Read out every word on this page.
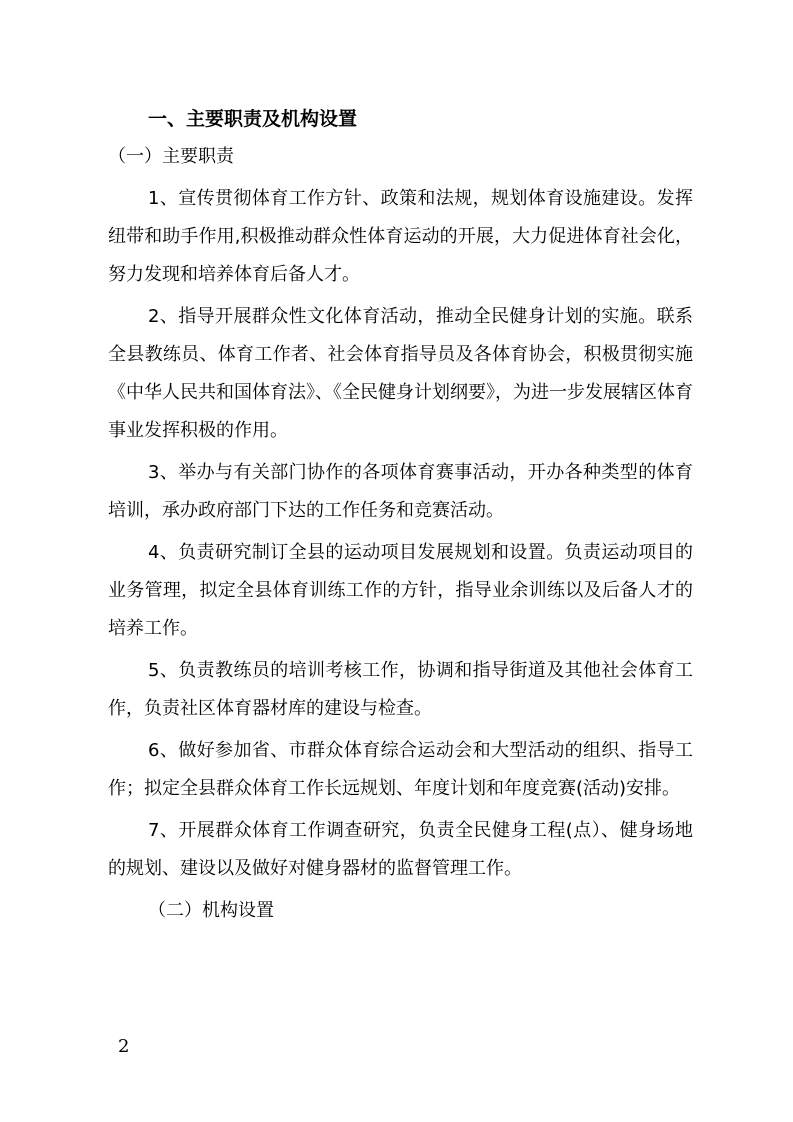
一、主要职责及机构设置

（一）主要职责

1、宣传贯彻体育工作方针、政策和法规，规划体育设施建设。发挥纽带和助手作用,积极推动群众性体育运动的开展，大力促进体育社会化，努力发现和培养体育后备人才。

2、指导开展群众性文化体育活动，推动全民健身计划的实施。联系全县教练员、体育工作者、社会体育指导员及各体育协会，积极贯彻实施《中华人民共和国体育法》、《全民健身计划纲要》，为进一步发展辖区体育事业发挥积极的作用。

3、举办与有关部门协作的各项体育赛事活动，开办各种类型的体育培训，承办政府部门下达的工作任务和竞赛活动。

4、负责研究制订全县的运动项目发展规划和设置。负责运动项目的业务管理，拟定全县体育训练工作的方针，指导业余训练以及后备人才的培养工作。

5、负责教练员的培训考核工作，协调和指导街道及其他社会体育工作，负责社区体育器材库的建设与检查。

6、做好参加省、市群众体育综合运动会和大型活动的组织、指导工作；拟定全县群众体育工作长远规划、年度计划和年度竞赛(活动)安排。

7、开展群众体育工作调查研究，负责全民健身工程(点）、健身场地的规划、建设以及做好对健身器材的监督管理工作。

（二）机构设置

2
